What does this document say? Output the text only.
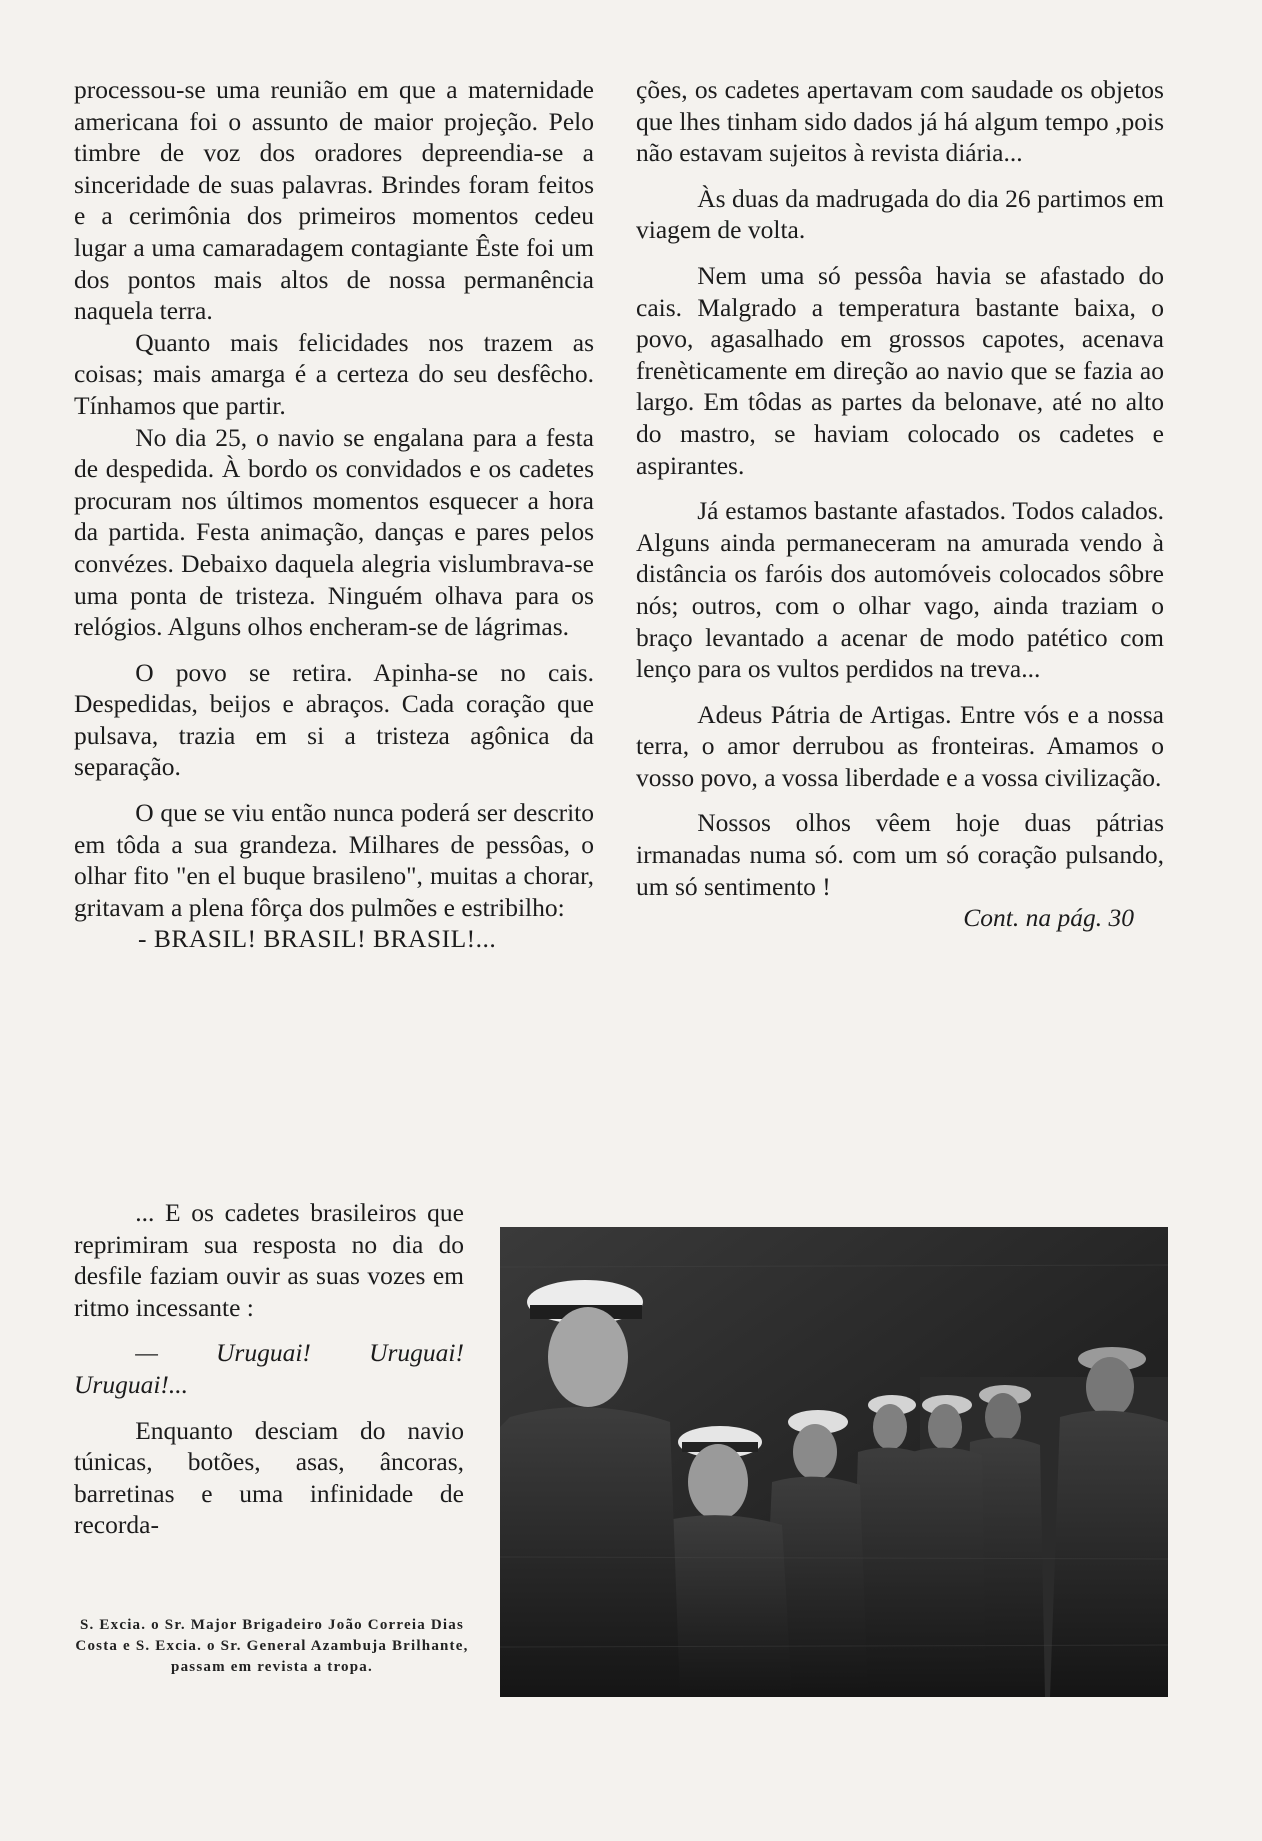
processou-se uma reunião em que a maternidade americana foi o assunto de maior projeção. Pelo timbre de voz dos oradores depreendia-se a sinceridade de suas palavras. Brindes foram feitos e a cerimônia dos primeiros momentos cedeu lugar a uma camaradagem contagiante Êste foi um dos pontos mais altos de nossa permanência naquela terra.

Quanto mais felicidades nos trazem as coisas; mais amarga é a certeza do seu desfêcho. Tínhamos que partir.

No dia 25, o navio se engalana para a festa de despedida. À bordo os convidados e os cadetes procuram nos últimos momentos esquecer a hora da partida. Festa animação, danças e pares pelos convézes. Debaixo daquela alegria vislumbrava-se uma ponta de tristeza. Ninguém olhava para os relógios. Alguns olhos encheram-se de lágrimas.

O povo se retira. Apinha-se no cais. Despedidas, beijos e abraços. Cada coração que pulsava, trazia em si a tristeza agônica da separação.

O que se viu então nunca poderá ser descrito em tôda a sua grandeza. Milhares de pessôas, o olhar fito "en el buque brasileno", muitas a chorar, gritavam a plena fôrça dos pulmões e estribilho:

- BRASIL! BRASIL! BRASIL!...

... E os cadetes brasileiros que reprimiram sua resposta no dia do desfile faziam ouvir as suas vozes em ritmo incessante :

— Uruguai! Uruguai! Uruguai!...

Enquanto desciam do navio túnicas, botões, asas, âncoras, barretinas e uma infinidade de recorda-

ções, os cadetes apertavam com saudade os objetos que lhes tinham sido dados já há algum tempo ,pois não estavam sujeitos à revista diária...

Às duas da madrugada do dia 26 partimos em viagem de volta.

Nem uma só pessôa havia se afastado do cais. Malgrado a temperatura bastante baixa, o povo, agasalhado em grossos capotes, acenava frenèticamente em direção ao navio que se fazia ao largo. Em tôdas as partes da belonave, até no alto do mastro, se haviam colocado os cadetes e aspirantes.

Já estamos bastante afastados. Todos calados. Alguns ainda permaneceram na amurada vendo à distância os faróis dos automóveis colocados sôbre nós; outros, com o olhar vago, ainda traziam o braço levantado a acenar de modo patético com lenço para os vultos perdidos na treva...

Adeus Pátria de Artigas. Entre vós e a nossa terra, o amor derrubou as fronteiras. Amamos o vosso povo, a vossa liberdade e a vossa civilização.

Nossos olhos vêem hoje duas pátrias irmanadas numa só. com um só coração pulsando, um só sentimento !

Cont. na pág. 30

S. Excia. o Sr. Major Brigadeiro João Correia Dias Costa e S. Excia. o Sr. General Azambuja Brilhante, passam em revista a tropa.
